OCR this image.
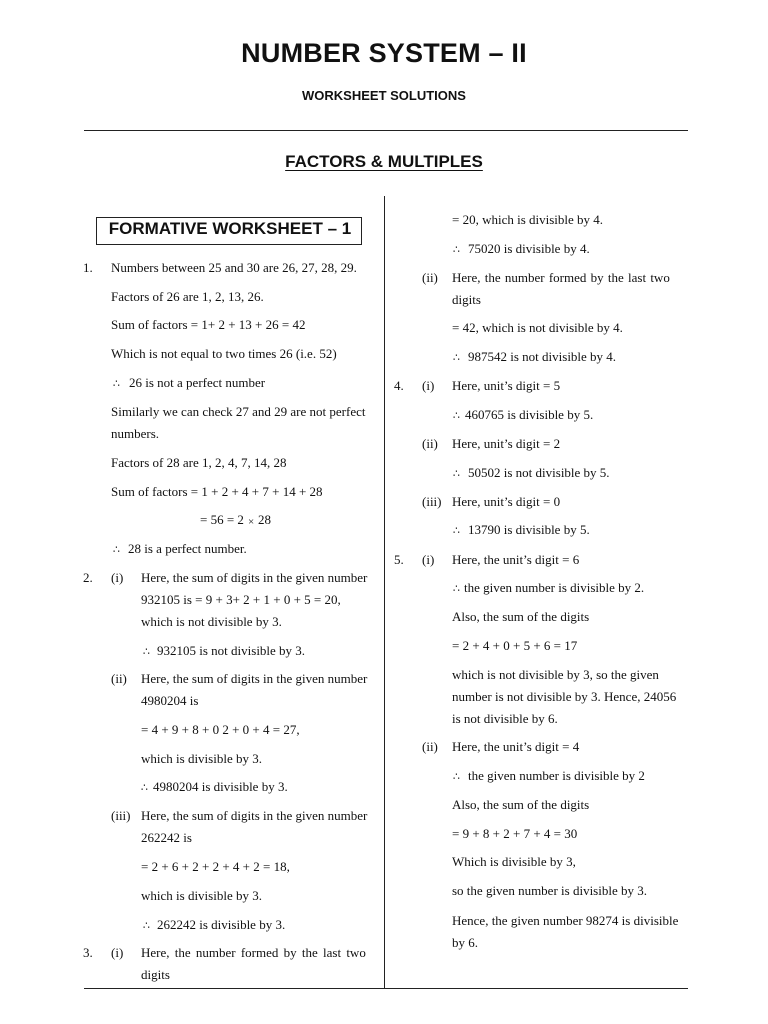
NUMBER SYSTEM – II
WORKSHEET SOLUTIONS
FACTORS & MULTIPLES
FORMATIVE WORKSHEET – 1
1. Numbers between 25 and 30 are 26, 27, 28, 29.
Factors of 26 are 1, 2, 13, 26.
Sum of factors = 1+ 2 + 13 + 26 = 42
Which is not equal to two times 26 (i.e. 52)
∴ 26 is not a perfect number
Similarly we can check 27 and 29 are not perfect
numbers.
Factors of 28 are 1, 2, 4, 7, 14, 28
Sum of factors = 1 + 2 + 4 + 7 + 14 + 28
= 56 = 2 × 28
∴ 28 is a perfect number.
2. (i) Here, the sum of digits in the given number
932105 is = 9 + 3+ 2 + 1 + 0 + 5 = 20,
which is not divisible by 3.
∴ 932105 is not divisible by 3.
(ii) Here, the sum of digits in the given number
4980204 is
= 4 + 9 + 8 + 0 2 + 0 + 4 = 27,
which is divisible by 3.
∴ 4980204 is divisible by 3.
(iii) Here, the sum of digits in the given number
262242 is
= 2 + 6 + 2 + 2 + 4 + 2 = 18,
which is divisible by 3.
∴ 262242 is divisible by 3.
3. (i) Here, the number formed by the last two
digits
= 20, which is divisible by 4.
∴ 75020 is divisible by 4.
(ii) Here, the number formed by the last two
digits
= 42, which is not divisible by 4.
∴ 987542 is not divisible by 4.
4. (i) Here, unit’s digit = 5
∴ 460765 is divisible by 5.
(ii) Here, unit’s digit = 2
∴ 50502 is not divisible by 5.
(iii) Here, unit’s digit = 0
∴ 13790 is divisible by 5.
5. (i) Here, the unit’s digit = 6
∴ the given number is divisible by 2.
Also, the sum of the digits
= 2 + 4 + 0 + 5 + 6 = 17
which is not divisible by 3, so the given
number is not divisible by 3. Hence, 24056
is not divisible by 6.
(ii) Here, the unit’s digit = 4
∴ the given number is divisible by 2
Also, the sum of the digits
= 9 + 8 + 2 + 7 + 4 = 30
Which is divisible by 3,
so the given number is divisible by 3.
Hence, the given number 98274 is divisible
by 6.
